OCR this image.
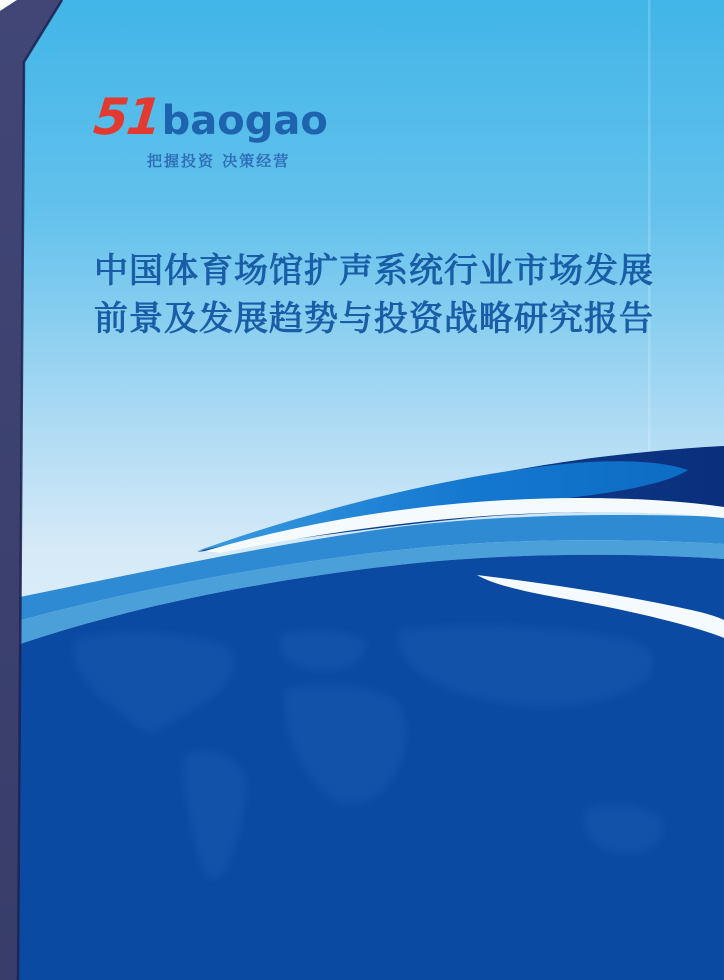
51
baogao
把握投资 决策经营
中国体育场馆扩声系统行业市场发展
前景及发展趋势与投资战略研究报告
